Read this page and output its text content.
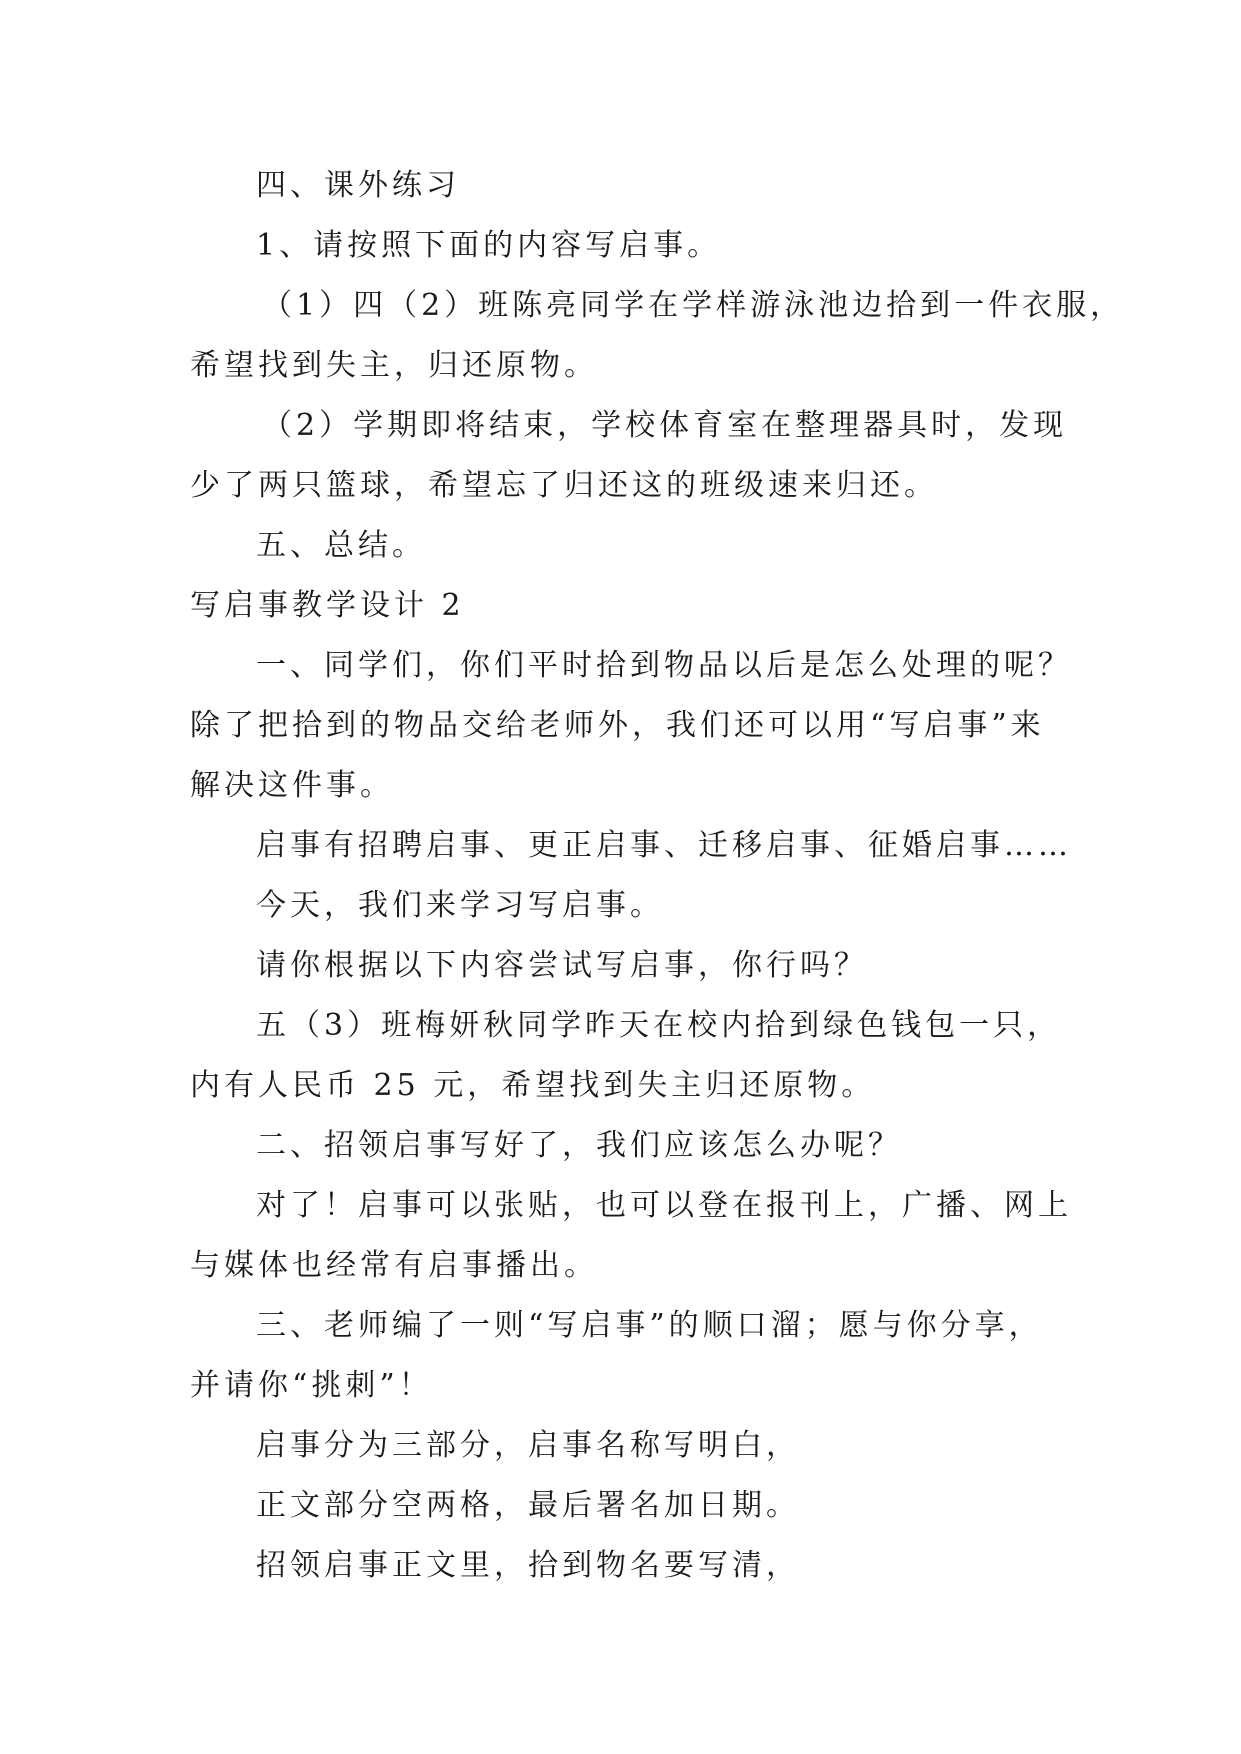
四、课外练习
1、请按照下面的内容写启事。
（1）四（2）班陈亮同学在学样游泳池边拾到一件衣服，
希望找到失主，归还原物。
（2）学期即将结束，学校体育室在整理器具时，发现
少了两只篮球，希望忘了归还这的班级速来归还。
五、总结。
写启事教学设计 2
一、同学们，你们平时拾到物品以后是怎么处理的呢？
除了把拾到的物品交给老师外，我们还可以用“写启事”来
解决这件事。
启事有招聘启事、更正启事、迁移启事、征婚启事……
今天，我们来学习写启事。
请你根据以下内容尝试写启事，你行吗？
五（3）班梅妍秋同学昨天在校内拾到绿色钱包一只，
内有人民币 25 元，希望找到失主归还原物。
二、招领启事写好了，我们应该怎么办呢？
对了！启事可以张贴，也可以登在报刊上，广播、网上
与媒体也经常有启事播出。
三、老师编了一则“写启事”的顺口溜；愿与你分享，
并请你“挑刺”！
启事分为三部分，启事名称写明白，
正文部分空两格，最后署名加日期。
招领启事正文里，拾到物名要写清，
